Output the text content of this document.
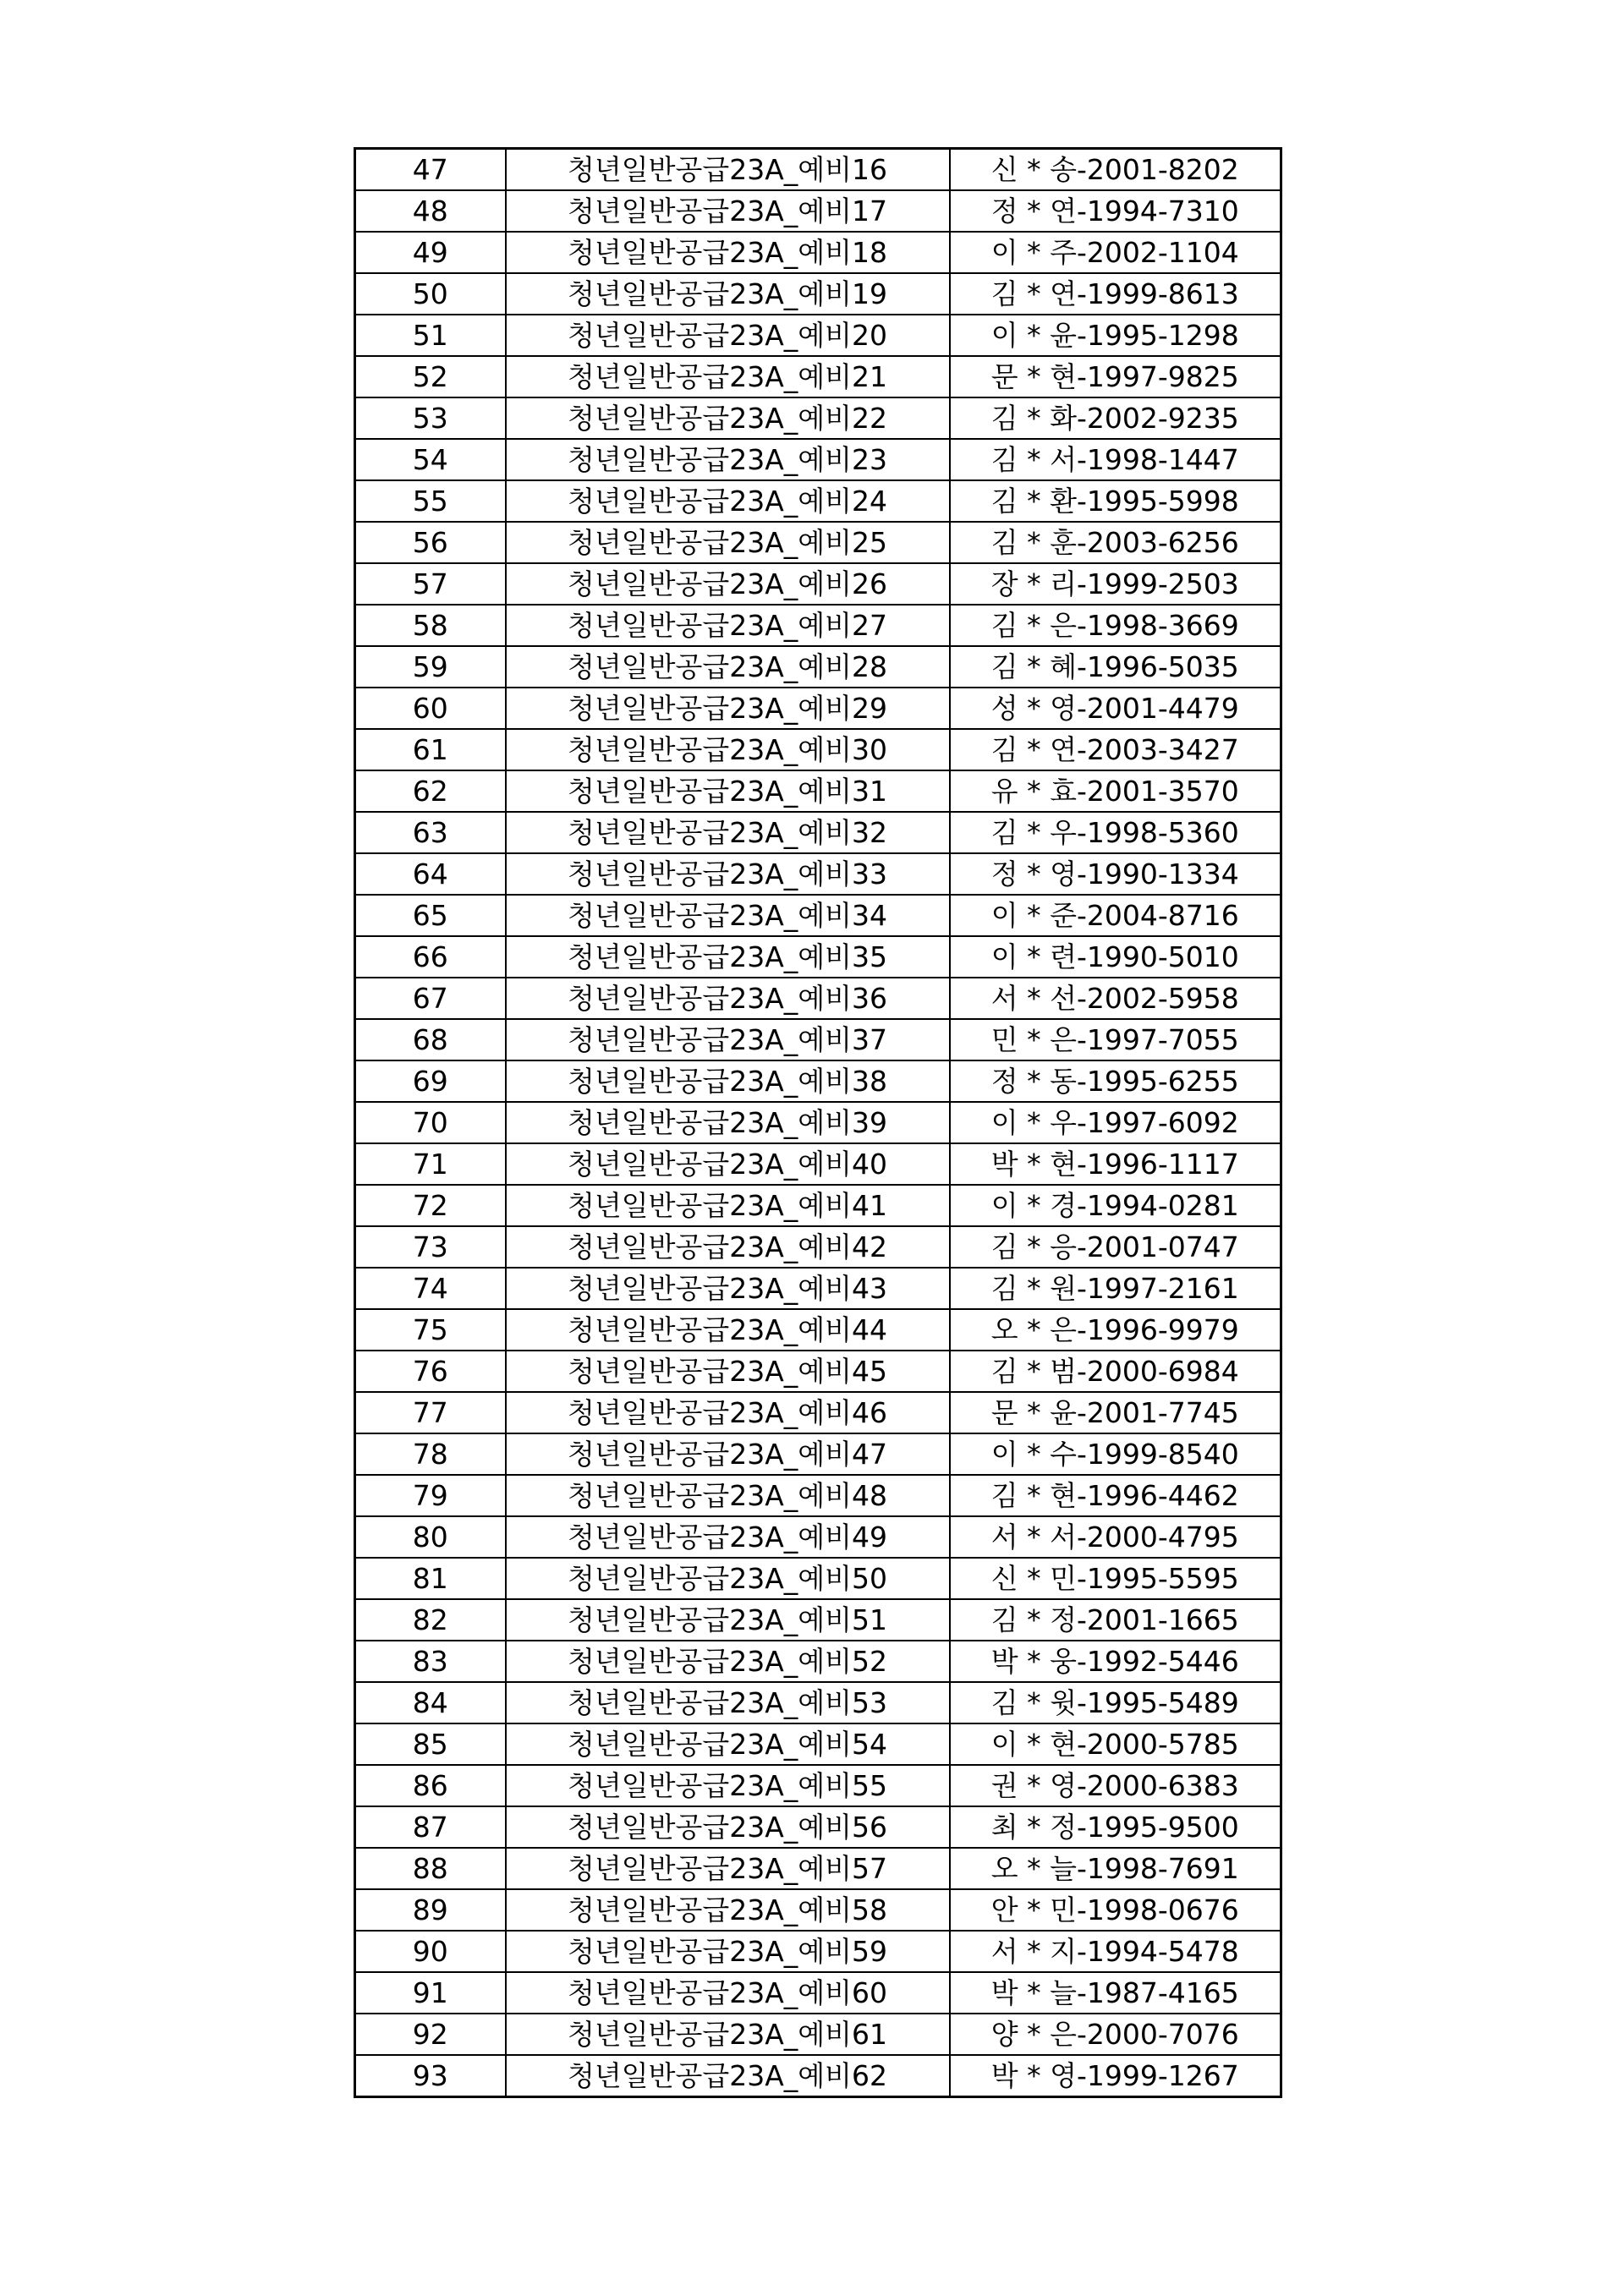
47	청년일반공급23A_예비16	신 * 송-2001-8202
48	청년일반공급23A_예비17	정 * 연-1994-7310
49	청년일반공급23A_예비18	이 * 주-2002-1104
50	청년일반공급23A_예비19	김 * 연-1999-8613
51	청년일반공급23A_예비20	이 * 윤-1995-1298
52	청년일반공급23A_예비21	문 * 현-1997-9825
53	청년일반공급23A_예비22	김 * 화-2002-9235
54	청년일반공급23A_예비23	김 * 서-1998-1447
55	청년일반공급23A_예비24	김 * 환-1995-5998
56	청년일반공급23A_예비25	김 * 훈-2003-6256
57	청년일반공급23A_예비26	장 * 리-1999-2503
58	청년일반공급23A_예비27	김 * 은-1998-3669
59	청년일반공급23A_예비28	김 * 혜-1996-5035
60	청년일반공급23A_예비29	성 * 영-2001-4479
61	청년일반공급23A_예비30	김 * 연-2003-3427
62	청년일반공급23A_예비31	유 * 효-2001-3570
63	청년일반공급23A_예비32	김 * 우-1998-5360
64	청년일반공급23A_예비33	정 * 영-1990-1334
65	청년일반공급23A_예비34	이 * 준-2004-8716
66	청년일반공급23A_예비35	이 * 련-1990-5010
67	청년일반공급23A_예비36	서 * 선-2002-5958
68	청년일반공급23A_예비37	민 * 은-1997-7055
69	청년일반공급23A_예비38	정 * 동-1995-6255
70	청년일반공급23A_예비39	이 * 우-1997-6092
71	청년일반공급23A_예비40	박 * 현-1996-1117
72	청년일반공급23A_예비41	이 * 경-1994-0281
73	청년일반공급23A_예비42	김 * 응-2001-0747
74	청년일반공급23A_예비43	김 * 원-1997-2161
75	청년일반공급23A_예비44	오 * 은-1996-9979
76	청년일반공급23A_예비45	김 * 범-2000-6984
77	청년일반공급23A_예비46	문 * 윤-2001-7745
78	청년일반공급23A_예비47	이 * 수-1999-8540
79	청년일반공급23A_예비48	김 * 현-1996-4462
80	청년일반공급23A_예비49	서 * 서-2000-4795
81	청년일반공급23A_예비50	신 * 민-1995-5595
82	청년일반공급23A_예비51	김 * 정-2001-1665
83	청년일반공급23A_예비52	박 * 웅-1992-5446
84	청년일반공급23A_예비53	김 * 윗-1995-5489
85	청년일반공급23A_예비54	이 * 현-2000-5785
86	청년일반공급23A_예비55	권 * 영-2000-6383
87	청년일반공급23A_예비56	최 * 정-1995-9500
88	청년일반공급23A_예비57	오 * 늘-1998-7691
89	청년일반공급23A_예비58	안 * 민-1998-0676
90	청년일반공급23A_예비59	서 * 지-1994-5478
91	청년일반공급23A_예비60	박 * 늘-1987-4165
92	청년일반공급23A_예비61	양 * 은-2000-7076
93	청년일반공급23A_예비62	박 * 영-1999-1267
